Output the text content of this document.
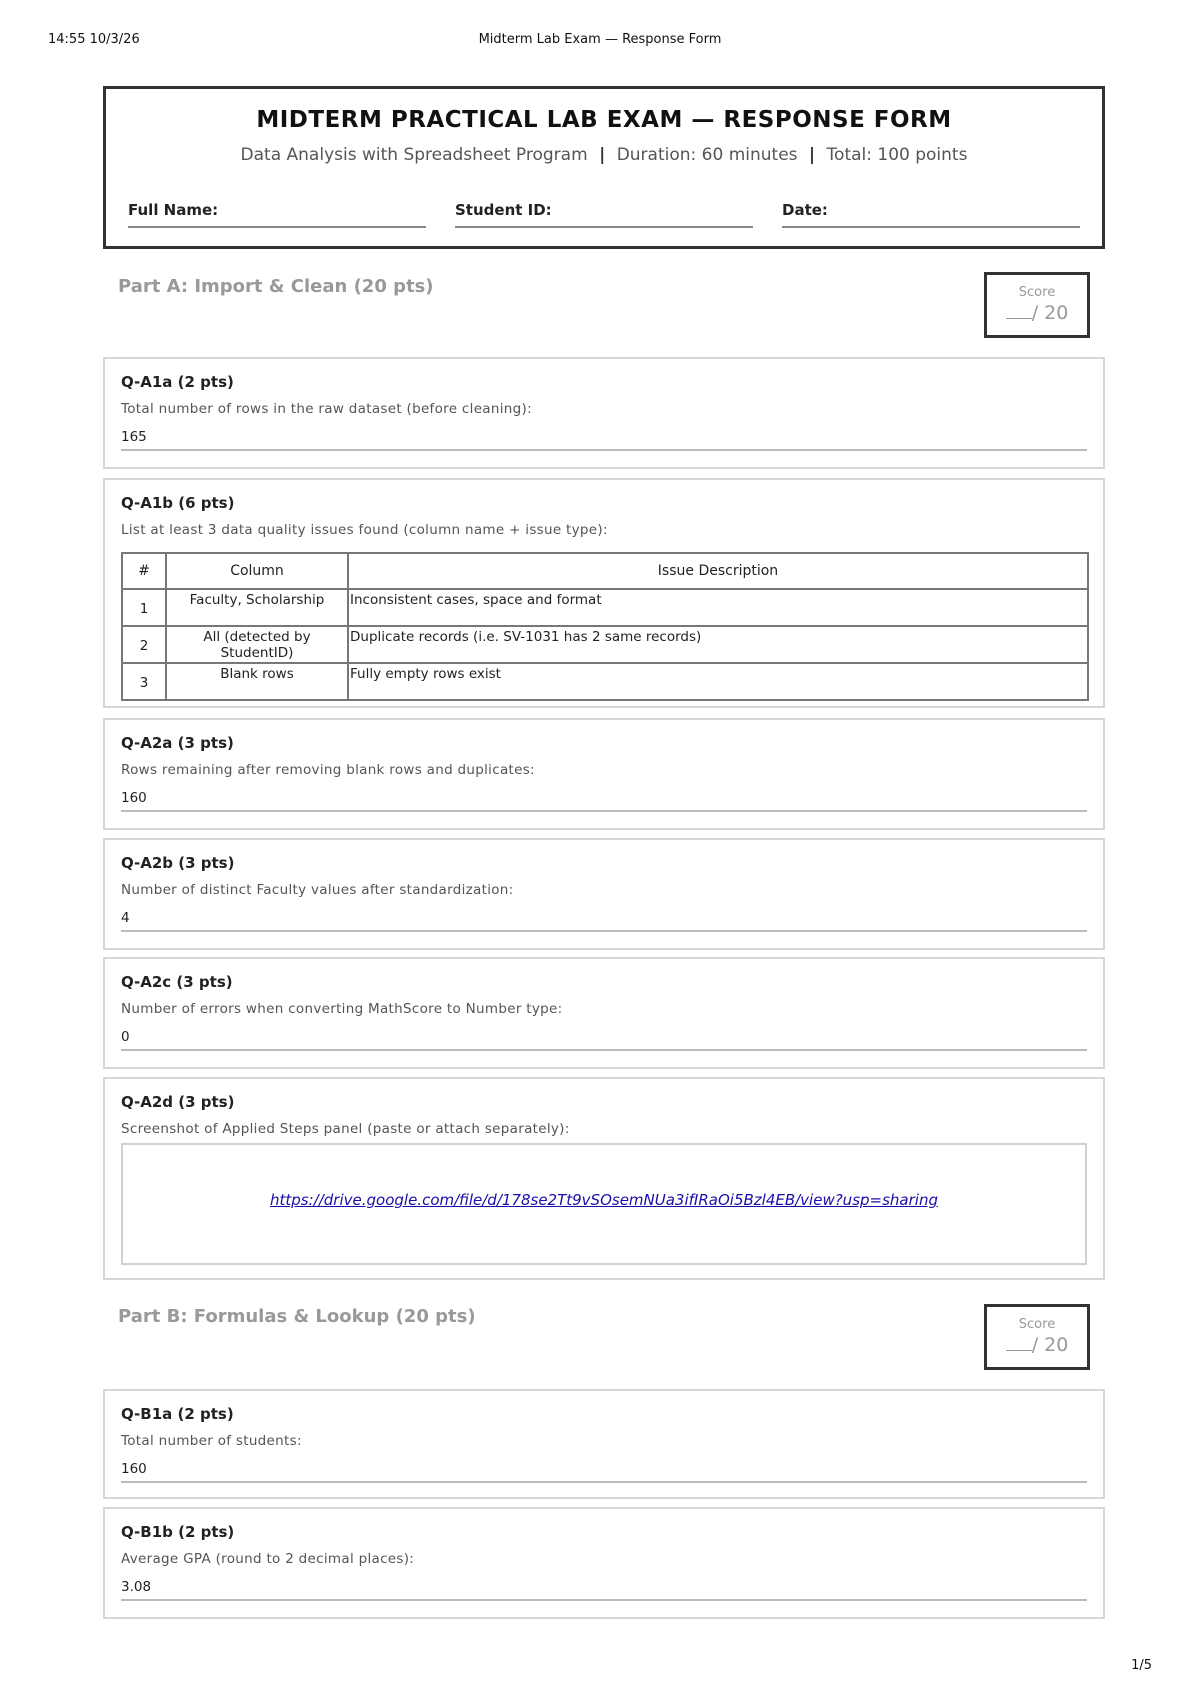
14:55 10/3/26	Midterm Lab Exam — Response Form
MIDTERM PRACTICAL LAB EXAM — RESPONSE FORM
Data Analysis with Spreadsheet Program | Duration: 60 minutes | Total: 100 points
Full Name:	Student ID:	Date:
Part A: Import & Clean (20 pts)	Score
/ 20
Q-A1a (2 pts)
Total number of rows in the raw dataset (before cleaning):
165
Q-A1b (6 pts)
List at least 3 data quality issues found (column name + issue type):
#	Column	Issue Description
1	Faculty, Scholarship	Inconsistent cases, space and format
2	All (detected by StudentID)	Duplicate records (i.e. SV-1031 has 2 same records)
3	Blank rows	Fully empty rows exist
Q-A2a (3 pts)
Rows remaining after removing blank rows and duplicates:
160
Q-A2b (3 pts)
Number of distinct Faculty values after standardization:
4
Q-A2c (3 pts)
Number of errors when converting MathScore to Number type:
0
Q-A2d (3 pts)
Screenshot of Applied Steps panel (paste or attach separately):
https://drive.google.com/file/d/178se2Tt9vSOsemNUa3ifIRaOi5Bzl4EB/view?usp=sharing
Part B: Formulas & Lookup (20 pts)	Score
/ 20
Q-B1a (2 pts)
Total number of students:
160
Q-B1b (2 pts)
Average GPA (round to 2 decimal places):
3.08
1/5
